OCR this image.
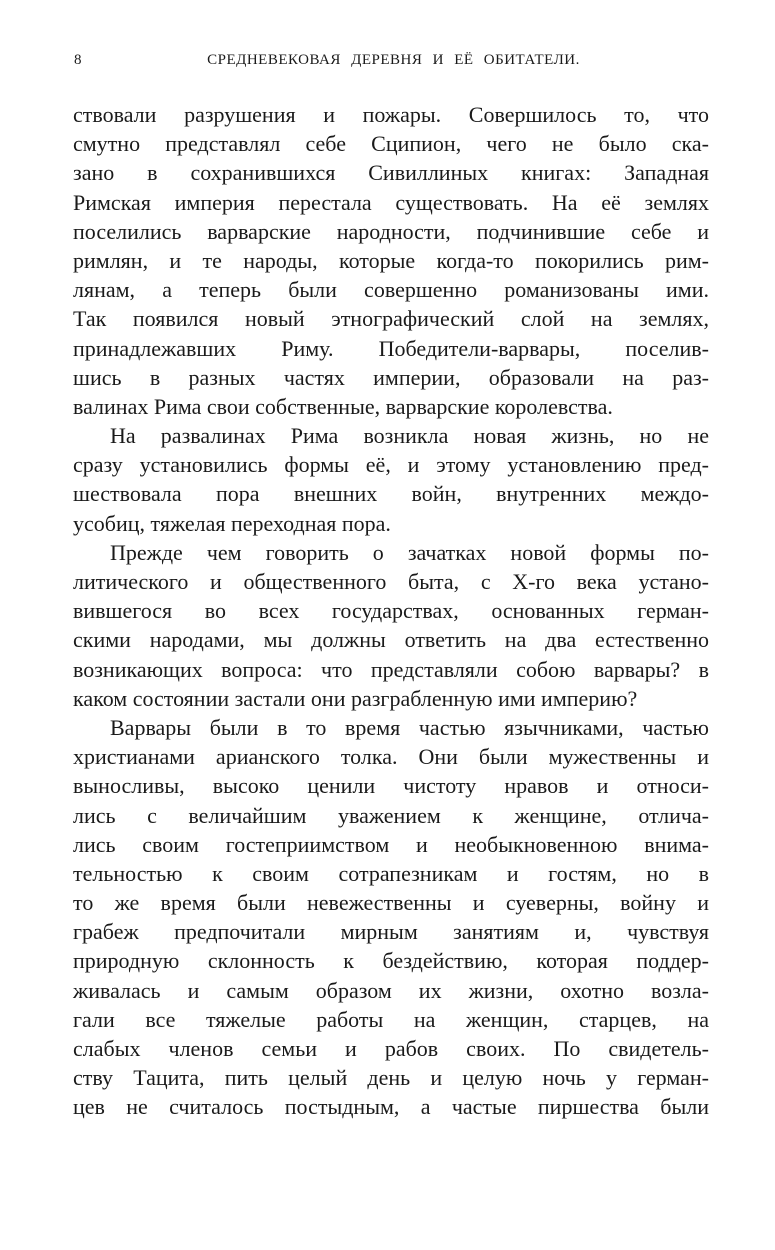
8	СРЕДНЕВЕКОВАЯ ДЕРЕВНЯ И ЕЁ ОБИТАТЕЛИ.
ствовали разрушения и пожары. Совершилось то, что
смутно представлял себе Сципион, чего не было ска-
зано в сохранившихся Сивиллиных книгах: Западная
Римская империя перестала существовать. На её землях
поселились варварские народности, подчинившие себе и
римлян, и те народы, которые когда-то покорились рим-
лянам, а теперь были совершенно романизованы ими.
Так появился новый этнографический слой на землях,
принадлежавших Риму. Победители-варвары, поселив-
шись в разных частях империи, образовали на раз-
валинах Рима свои собственные, варварские королевства.
На развалинах Рима возникла новая жизнь, но не
сразу установились формы её, и этому установлению пред-
шествовала пора внешних войн, внутренних междо-
усобиц, тяжелая переходная пора.
Прежде чем говорить о зачатках новой формы по-
литического и общественного быта, с X-го века устано-
вившегося во всех государствах, основанных герман-
скими народами, мы должны ответить на два естественно
возникающих вопроса: что представляли собою варвары? в
каком состоянии застали они разграбленную ими империю?
Варвары были в то время частью язычниками, частью
христианами арианского толка. Они были мужественны и
выносливы, высоко ценили чистоту нравов и относи-
лись с величайшим уважением к женщине, отлича-
лись своим гостеприимством и необыкновенною внима-
тельностью к своим сотрапезникам и гостям, но в
то же время были невежественны и суеверны, войну и
грабеж предпочитали мирным занятиям и, чувствуя
природную склонность к бездействию, которая поддер-
живалась и самым образом их жизни, охотно возла-
гали все тяжелые работы на женщин, старцев, на
слабых членов семьи и рабов своих. По свидетель-
ству Тацита, пить целый день и целую ночь у герман-
цев не считалось постыдным, а частые пиршества были
